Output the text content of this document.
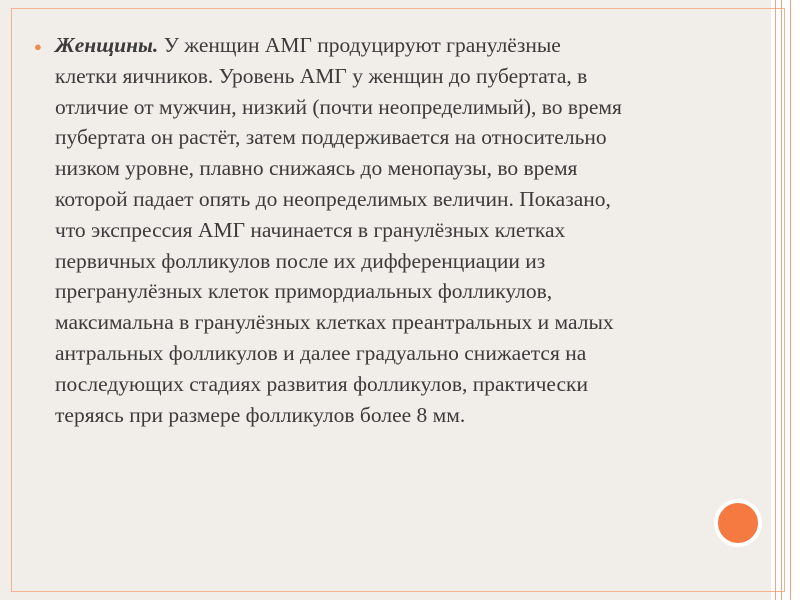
● Женщины. У женщин АМГ продуцируют гранулёзные
клетки яичников. Уровень АМГ у женщин до пубертата, в
отличие от мужчин, низкий (почти неопределимый), во время
пубертата он растёт, затем поддерживается на относительно
низком уровне, плавно снижаясь до менопаузы, во время
которой падает опять до неопределимых величин. Показано,
что экспрессия АМГ начинается в гранулёзных клетках
первичных фолликулов после их дифференциации из
прегранулёзных клеток примордиальных фолликулов,
максимальна в гранулёзных клетках преантральных и малых
антральных фолликулов и далее градуально снижается на
последующих стадиях развития фолликулов, практически
теряясь при размере фолликулов более 8 мм.
